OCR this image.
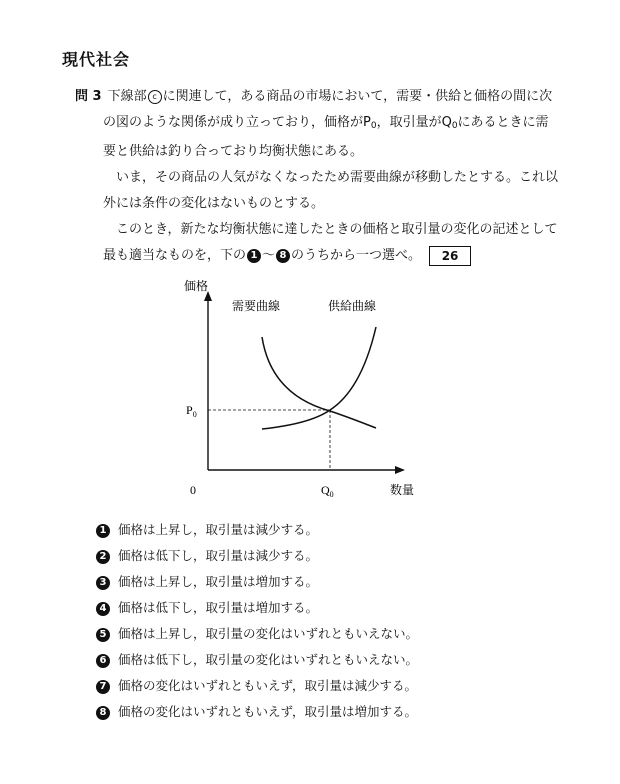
現代社会
問 3 下線部 c に関連して，ある商品の市場において，需要・供給と価格の間に次
の図のような関係が成り立っており，価格が$P_0$，取引量が$Q_0$にあるときに需
要と供給は釣り合っており均衡状態にある。
いま，その商品の人気がなくなったため需要曲線が移動したとする。これ以
外には条件の変化はないものとする。
このとき，新たな均衡状態に達したときの価格と取引量の変化の記述として
最も適当なものを，下の 1 ～ 8 のうちから一つ選べ。 26
価格
0	数量
需要曲線	供給曲線
$P_0$
$Q_0$
1 価格は上昇し，取引量は減少する。
2 価格は低下し，取引量は減少する。
3 価格は上昇し，取引量は増加する。
4 価格は低下し，取引量は増加する。
5 価格は上昇し，取引量の変化はいずれともいえない。
6 価格は低下し，取引量の変化はいずれともいえない。
7 価格の変化はいずれともいえず，取引量は減少する。
8 価格の変化はいずれともいえず，取引量は増加する。
